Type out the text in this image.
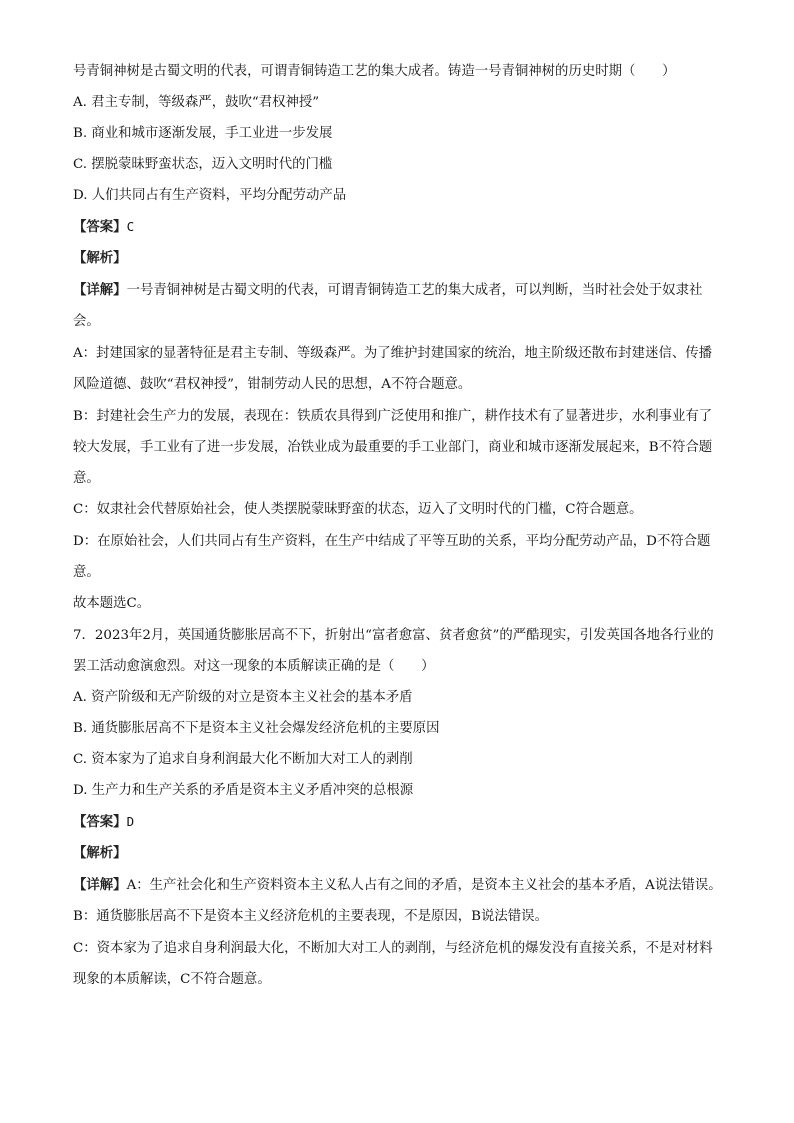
号青铜神树是古蜀文明的代表，可谓青铜铸造工艺的集大成者。铸造一号青铜神树的历史时期（　　）

A. 君主专制，等级森严，鼓吹“君权神授”

B. 商业和城市逐渐发展，手工业进一步发展

C. 摆脱蒙昧野蛮状态，迈入文明时代的门槛

D. 人们共同占有生产资料，平均分配劳动产品

【答案】C

【解析】

【详解】一号青铜神树是古蜀文明的代表，可谓青铜铸造工艺的集大成者，可以判断，当时社会处于奴隶社会。

A：封建国家的显著特征是君主专制、等级森严。为了维护封建国家的统治，地主阶级还散布封建迷信、传播风险道德、鼓吹“君权神授”，钳制劳动人民的思想，A不符合题意。

B：封建社会生产力的发展，表现在：铁质农具得到广泛使用和推广，耕作技术有了显著进步，水利事业有了较大发展，手工业有了进一步发展，冶铁业成为最重要的手工业部门，商业和城市逐渐发展起来，B不符合题意。

C：奴隶社会代替原始社会，使人类摆脱蒙昧野蛮的状态，迈入了文明时代的门槛，C符合题意。

D：在原始社会，人们共同占有生产资料，在生产中结成了平等互助的关系，平均分配劳动产品，D不符合题意。

故本题选C。

7．2023年2月，英国通货膨胀居高不下，折射出“富者愈富、贫者愈贫”的严酷现实，引发英国各地各行业的罢工活动愈演愈烈。对这一现象的本质解读正确的是（　　）

A. 资产阶级和无产阶级的对立是资本主义社会的基本矛盾

B. 通货膨胀居高不下是资本主义社会爆发经济危机的主要原因

C. 资本家为了追求自身利润最大化不断加大对工人的剥削

D. 生产力和生产关系的矛盾是资本主义矛盾冲突的总根源

【答案】D

【解析】

【详解】A：生产社会化和生产资料资本主义私人占有之间的矛盾，是资本主义社会的基本矛盾，A说法错误。

B：通货膨胀居高不下是资本主义经济危机的主要表现，不是原因，B说法错误。

C：资本家为了追求自身利润最大化，不断加大对工人的剥削，与经济危机的爆发没有直接关系，不是对材料现象的本质解读，C不符合题意。
